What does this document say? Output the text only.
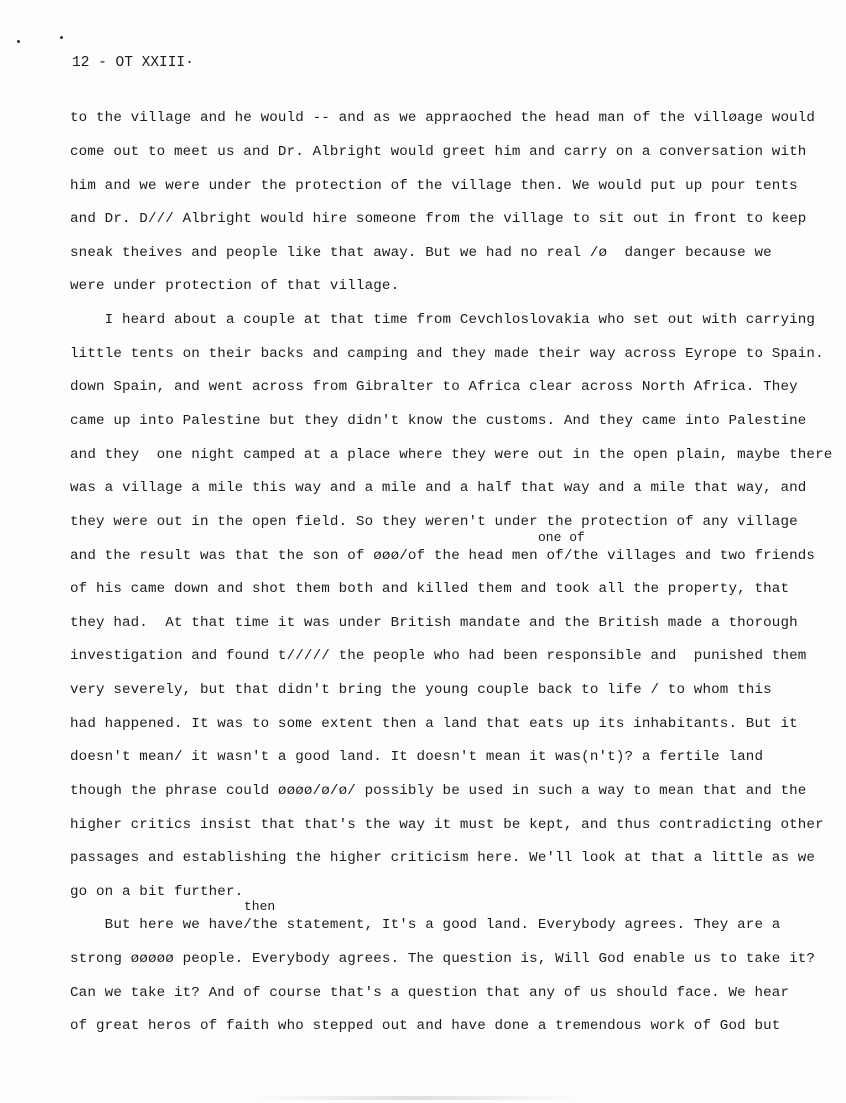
12 - OT XXIII·

to the village and he would -- and as we appraoched the head man of the villøage would

come out to meet us and Dr. Albright would greet him and carry on a conversation with

him and we were under the protection of the village then. We would put up pour tents

and Dr. D/// Albright would hire someone from the village to sit out in front to keep

sneak theives and people like that away. But we had no real /ø  danger because we

were under protection of that village.

I heard about a couple at that time from Cevchloslovakia who set out with carrying

little tents on their backs and camping and they made their way across Eyrope to Spain.

down Spain, and went across from Gibralter to Africa clear across North Africa. They

came up into Palestine but they didn't know the customs. And they came into Palestine

and they  one night camped at a place where they were out in the open plain, maybe there

was a village a mile this way and a mile and a half that way and a mile that way, and

they were out in the open field. So they weren't under the protection of any village

one of

and the result was that the son of øøø/of the head men of/the villages and two friends

of his came down and shot them both and killed them and took all the property, that

they had.  At that time it was under British mandate and the British made a thorough

investigation and found t///// the people who had been responsible and  punished them

very severely, but that didn't bring the young couple back to life / to whom this

had happened. It was to some extent then a land that eats up its inhabitants. But it

doesn't mean/ it wasn't a good land. It doesn't mean it was(n't)? a fertile land

though the phrase could øøøø/ø/ø/ possibly be used in such a way to mean that and the

higher critics insist that that's the way it must be kept, and thus contradicting other

passages and establishing the higher criticism here. We'll look at that a little as we

go on a bit further.

then

But here we have/the statement, It's a good land. Everybody agrees. They are a

strong øøøøø people. Everybody agrees. The question is, Will God enable us to take it?

Can we take it? And of course that's a question that any of us should face. We hear

of great heros of faith who stepped out and have done a tremendous work of God but
